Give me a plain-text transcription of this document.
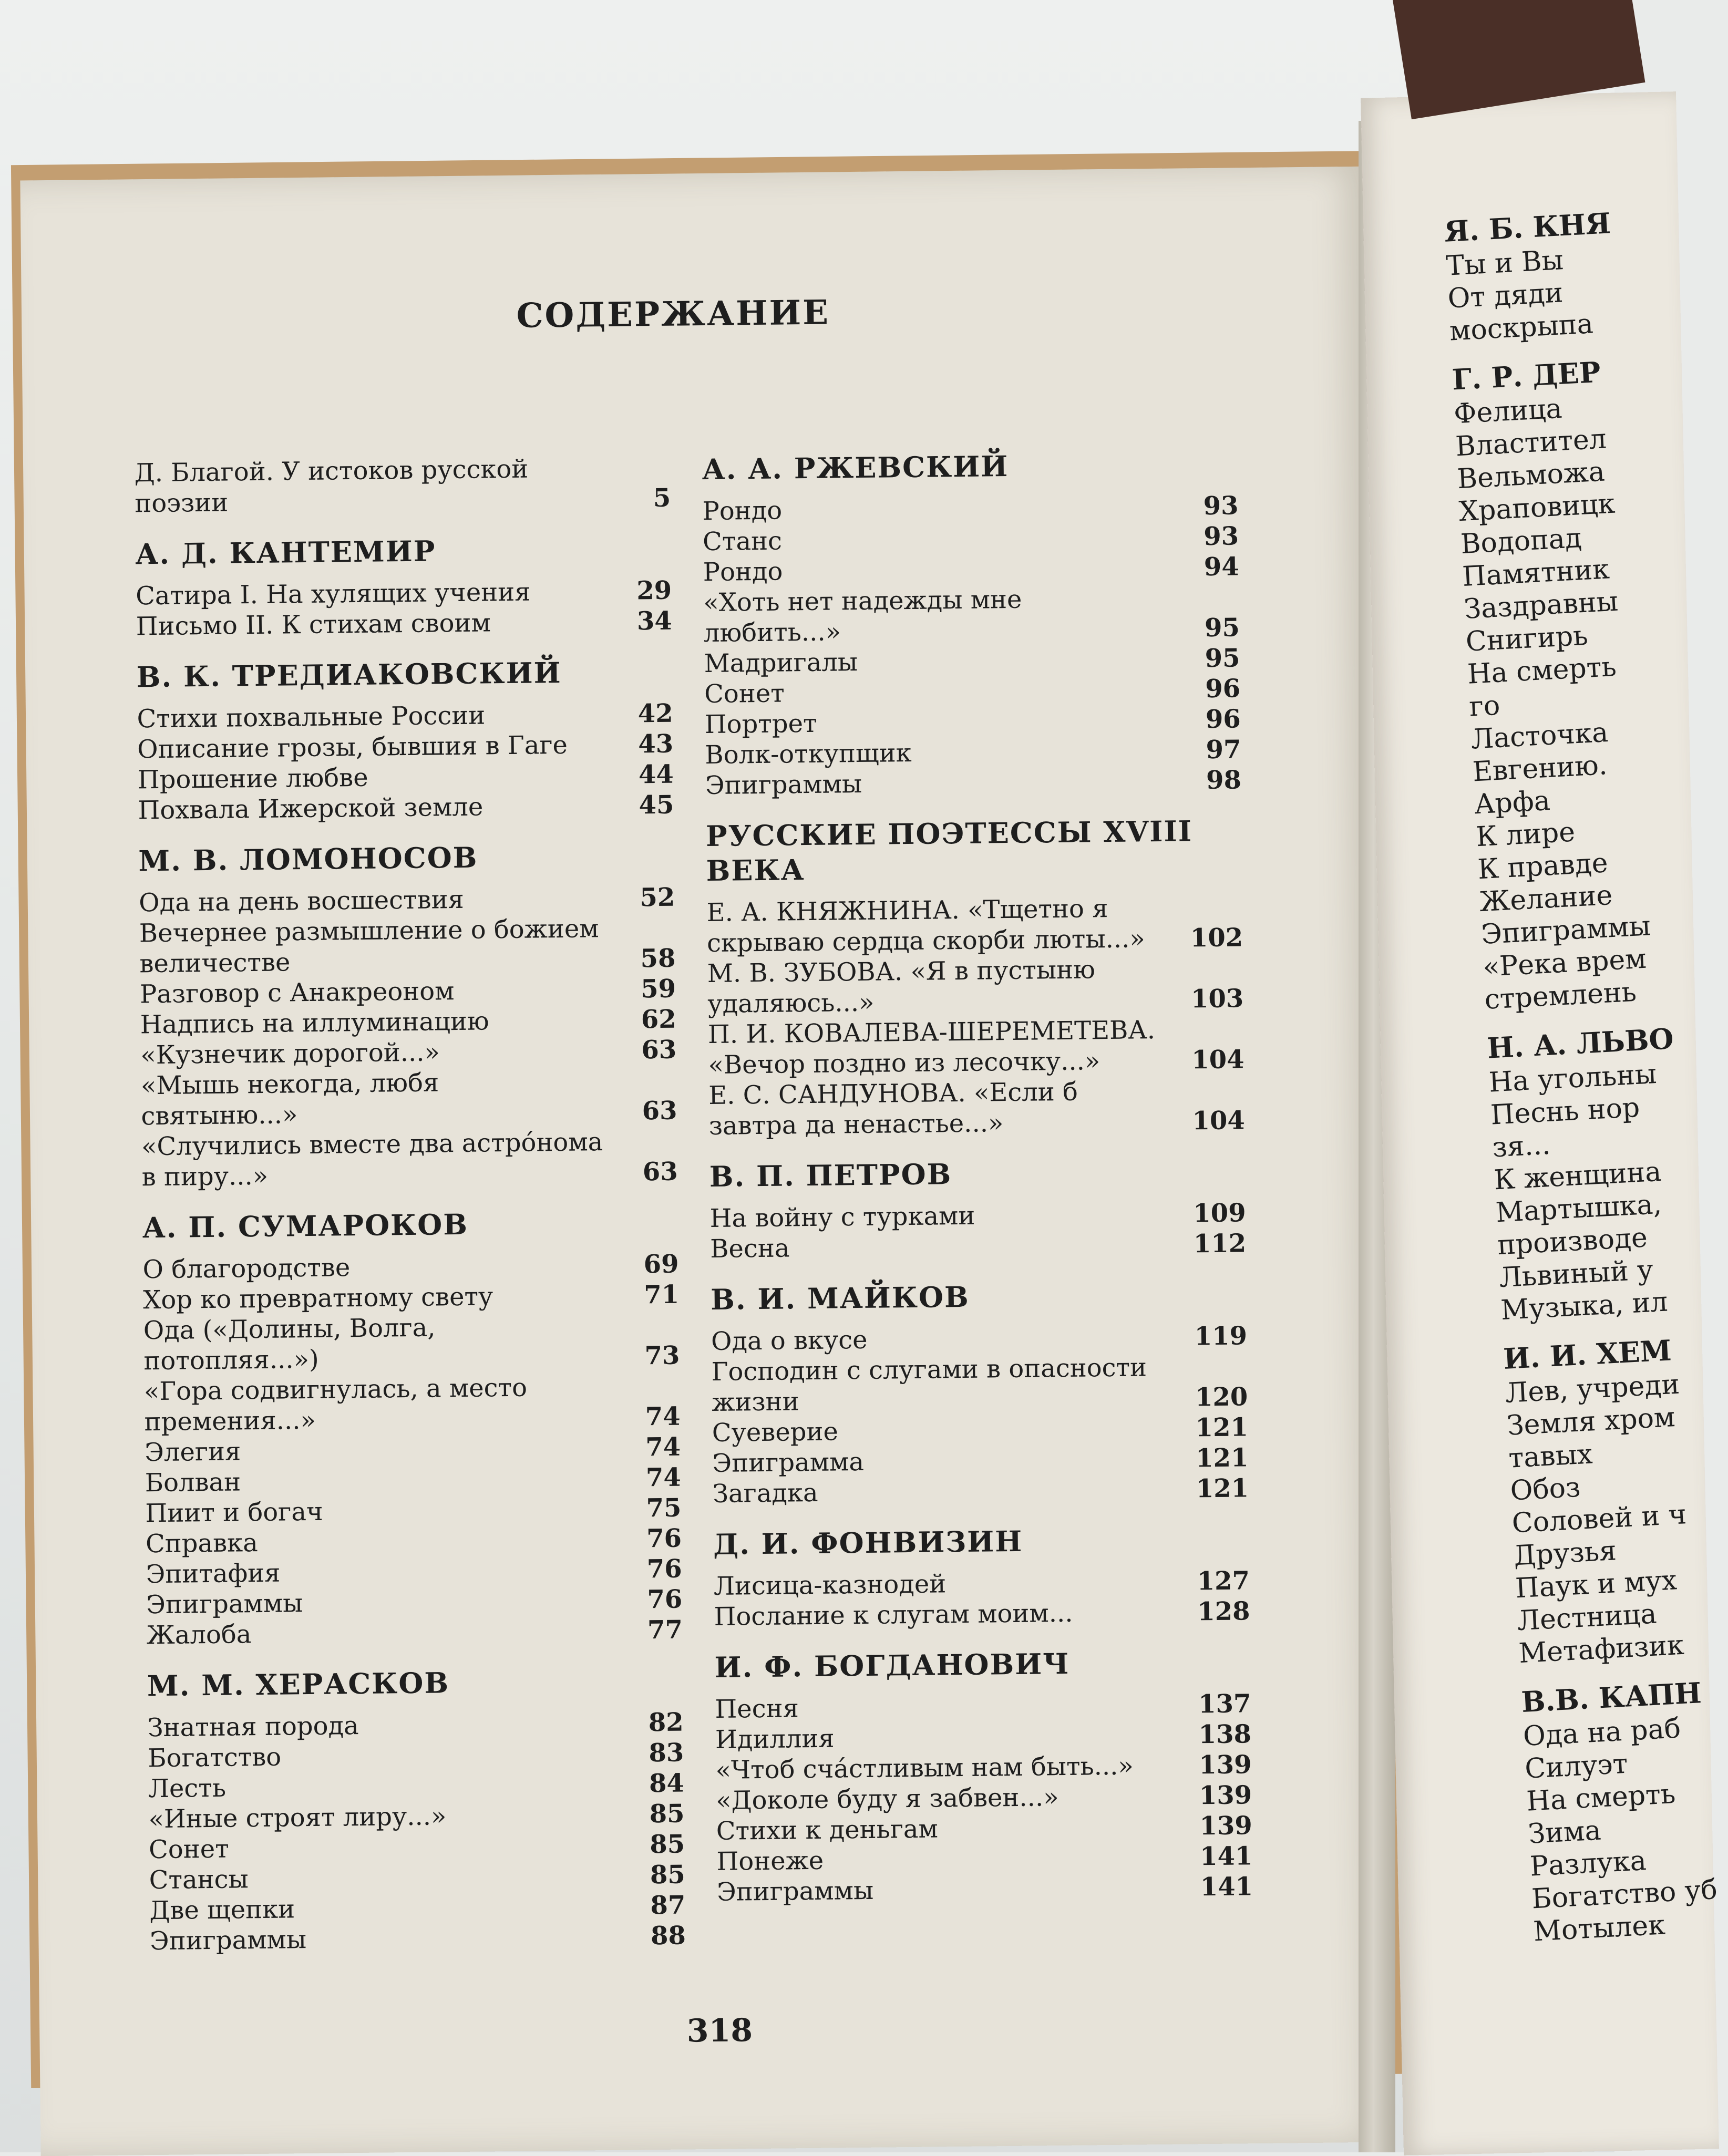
СОДЕРЖАНИЕ
Д. Благой. У истоков русской поэзии	5
А. Д. КАНТЕМИР
Сатира I. На хулящих учения	29
Письмо II. К стихам своим	34
В. К. ТРЕДИАКОВСКИЙ
Стихи похвальные России	42
Описание грозы, бывшия в Гаге	43
Прошение любве	44
Похвала Ижерской земле	45
М. В. ЛОМОНОСОВ
Ода на день восшествия	52
Вечернее размышление о божием величестве	58
Разговор с Анакреоном	59
Надпись на иллуминацию	62
«Кузнечик дорогой...»	63
«Мышь некогда, любя святыню...»	63
«Случились вместе два астрóнома в пиру...»	63
А. П. СУМАРОКОВ
О благородстве	69
Хор ко превратному свету	71
Ода («Долины, Волга, потопляя...»)	73
«Гора содвигнулась, а место премения...»	74
Элегия	74
Болван	74
Пиит и богач	75
Справка	76
Эпитафия	76
Эпиграммы	76
Жалоба	77
М. М. ХЕРАСКОВ
Знатная порода	82
Богатство	83
Лесть	84
«Иные строят лиру...»	85
Сонет	85
Стансы	85
Две щепки	87
Эпиграммы	88
А. А. РЖЕВСКИЙ
Рондо	93
Станс	93
Рондо	94
«Хоть нет надежды мне любить...»	95
Мадригалы	95
Сонет	96
Портрет	96
Волк-откупщик	97
Эпиграммы	98
РУССКИЕ ПОЭТЕССЫ XVIII ВЕКА
Е. А. КНЯЖНИНА. «Тщетно я скрываю сердца скорби люты...»	102
М. В. ЗУБОВА. «Я в пустыню удаляюсь...»	103
П. И. КОВАЛЕВА-ШЕРЕМЕТЕВА. «Вечор поздно из лесочку...»	104
Е. С. САНДУНОВА. «Если б завтра да ненастье...»	104
В. П. ПЕТРОВ
На войну с турками	109
Весна	112
В. И. МАЙКОВ
Ода о вкусе	119
Господин с слугами в опасности жизни	120
Суеверие	121
Эпиграмма	121
Загадка	121
Д. И. ФОНВИЗИН
Лисица-казнодей	127
Послание к слугам моим...	128
И. Ф. БОГДАНОВИЧ
Песня	137
Идиллия	138
«Чтоб счáстливым нам быть...»	139
«Доколе буду я забвен...»	139
Стихи к деньгам	139
Понеже	141
Эпиграммы	141
318
Я. Б. КНЯ
Ты и Вы
От дяди
москрыпа
Г. Р. ДЕР
Фелица
Властител
Вельможа
Храповицк
Водопад
Памятник
Заздравны
Снигирь
На смерть
го
Ласточка
Евгению.
Арфа
К лире
К правде
Желание
Эпиграммы
«Река врем
стремлень
Н. А. ЛЬВО
На угольны
Песнь нор
зя...
К женщина
Мартышка,
производе
Львиный у
Музыка, ил
И. И. ХЕМ
Лев, учреди
Земля хром
тавых
Обоз
Соловей и ч
Друзья
Паук и мух
Лестница
Метафизик
В.В. КАПН
Ода на раб
Силуэт
На смерть
Зима
Разлука
Богатство уб
Мотылек
